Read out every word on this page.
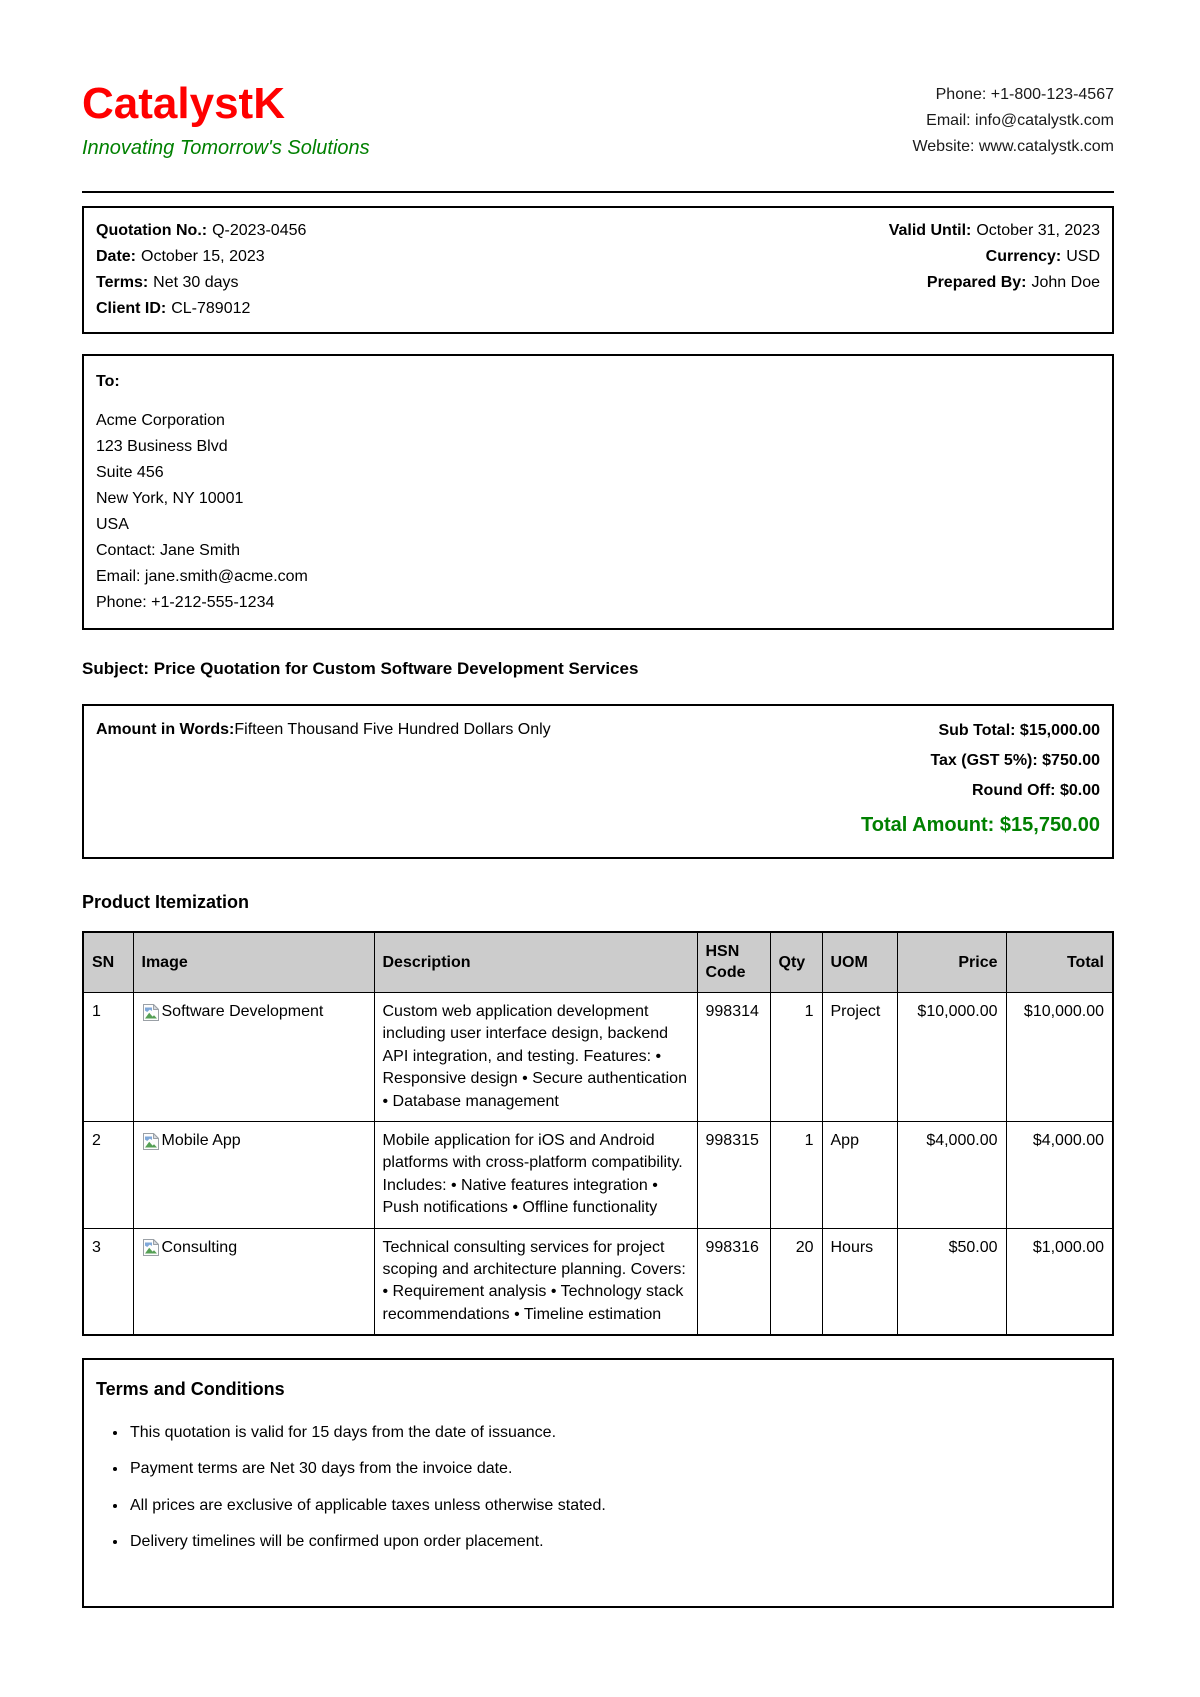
CatalystK
Innovating Tomorrow's Solutions
Phone: +1-800-123-4567
Email: info@catalystk.com
Website: www.catalystk.com
Quotation No.: Q-2023-0456
Date: October 15, 2023
Terms: Net 30 days
Client ID: CL-789012
Valid Until: October 31, 2023
Currency: USD
Prepared By: John Doe
To:
Acme Corporation
123 Business Blvd
Suite 456
New York, NY 10001
USA
Contact: Jane Smith
Email: jane.smith@acme.com
Phone: +1-212-555-1234
Subject: Price Quotation for Custom Software Development Services
Amount in Words:Fifteen Thousand Five Hundred Dollars Only	Sub Total: $15,000.00
Tax (GST 5%): $750.00
Round Off: $0.00
Total Amount: $15,750.00
Product Itemization
SN	Image	Description	HSN Code	Qty	UOM	Price	Total
1	Software Development	Custom web application development including user interface design, backend API integration, and testing. Features: • Responsive design • Secure authentication • Database management	998314	1	Project	$10,000.00	$10,000.00
2	Mobile App	Mobile application for iOS and Android platforms with cross-platform compatibility. Includes: • Native features integration • Push notifications • Offline functionality	998315	1	App	$4,000.00	$4,000.00
3	Consulting	Technical consulting services for project scoping and architecture planning. Covers: • Requirement analysis • Technology stack recommendations • Timeline estimation	998316	20	Hours	$50.00	$1,000.00
Terms and Conditions
• This quotation is valid for 15 days from the date of issuance.
• Payment terms are Net 30 days from the invoice date.
• All prices are exclusive of applicable taxes unless otherwise stated.
• Delivery timelines will be confirmed upon order placement.
